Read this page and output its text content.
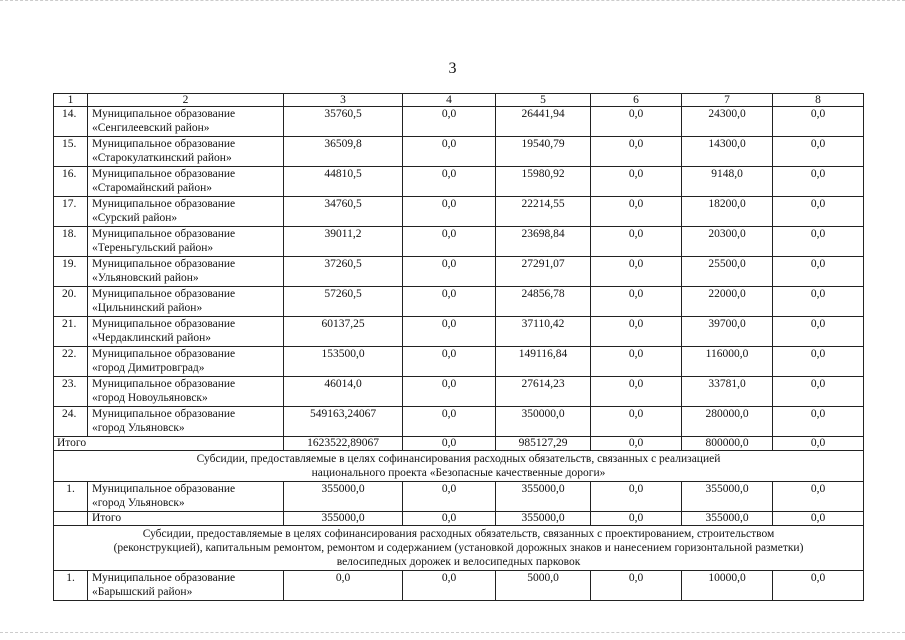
3
1	2	3	4	5	6	7	8
14.	Муниципальное образование
«Сенгилеевский район»	35760,5	0,0	26441,94	0,0	24300,0	0,0
15.	Муниципальное образование
«Старокулаткинский район»	36509,8	0,0	19540,79	0,0	14300,0	0,0
16.	Муниципальное образование
«Старомайнский район»	44810,5	0,0	15980,92	0,0	9148,0	0,0
17.	Муниципальное образование
«Сурский район»	34760,5	0,0	22214,55	0,0	18200,0	0,0
18.	Муниципальное образование
«Тереньгульский район»	39011,2	0,0	23698,84	0,0	20300,0	0,0
19.	Муниципальное образование
«Ульяновский район»	37260,5	0,0	27291,07	0,0	25500,0	0,0
20.	Муниципальное образование
«Цильнинский район»	57260,5	0,0	24856,78	0,0	22000,0	0,0
21.	Муниципальное образование
«Чердаклинский район»	60137,25	0,0	37110,42	0,0	39700,0	0,0
22.	Муниципальное образование
«город Димитровград»	153500,0	0,0	149116,84	0,0	116000,0	0,0
23.	Муниципальное образование
«город Новоульяновск»	46014,0	0,0	27614,23	0,0	33781,0	0,0
24.	Муниципальное образование
«город Ульяновск»	549163,24067	0,0	350000,0	0,0	280000,0	0,0
Итого		1623522,89067	0,0	985127,29	0,0	800000,0	0,0

Субсидии, предоставляемые в целях софинансирования расходных обязательств, связанных с реализацией
национального проекта «Безопасные качественные дороги»							

1.	Муниципальное образование
«город Ульяновск»	355000,0	0,0	355000,0	0,0	355000,0	0,0
	Итого	355000,0	0,0	355000,0	0,0	355000,0	0,0

Субсидии, предоставляемые в целях софинансирования расходных обязательств, связанных с проектированием, строительством
(реконструкцией), капитальным ремонтом, ремонтом и содержанием (установкой дорожных знаков и нанесением горизонтальной разметки)
велосипедных дорожек и велосипедных парковок							

1.	Муниципальное образование
«Барышский район»	0,0	0,0	5000,0	0,0	10000,0	0,0
